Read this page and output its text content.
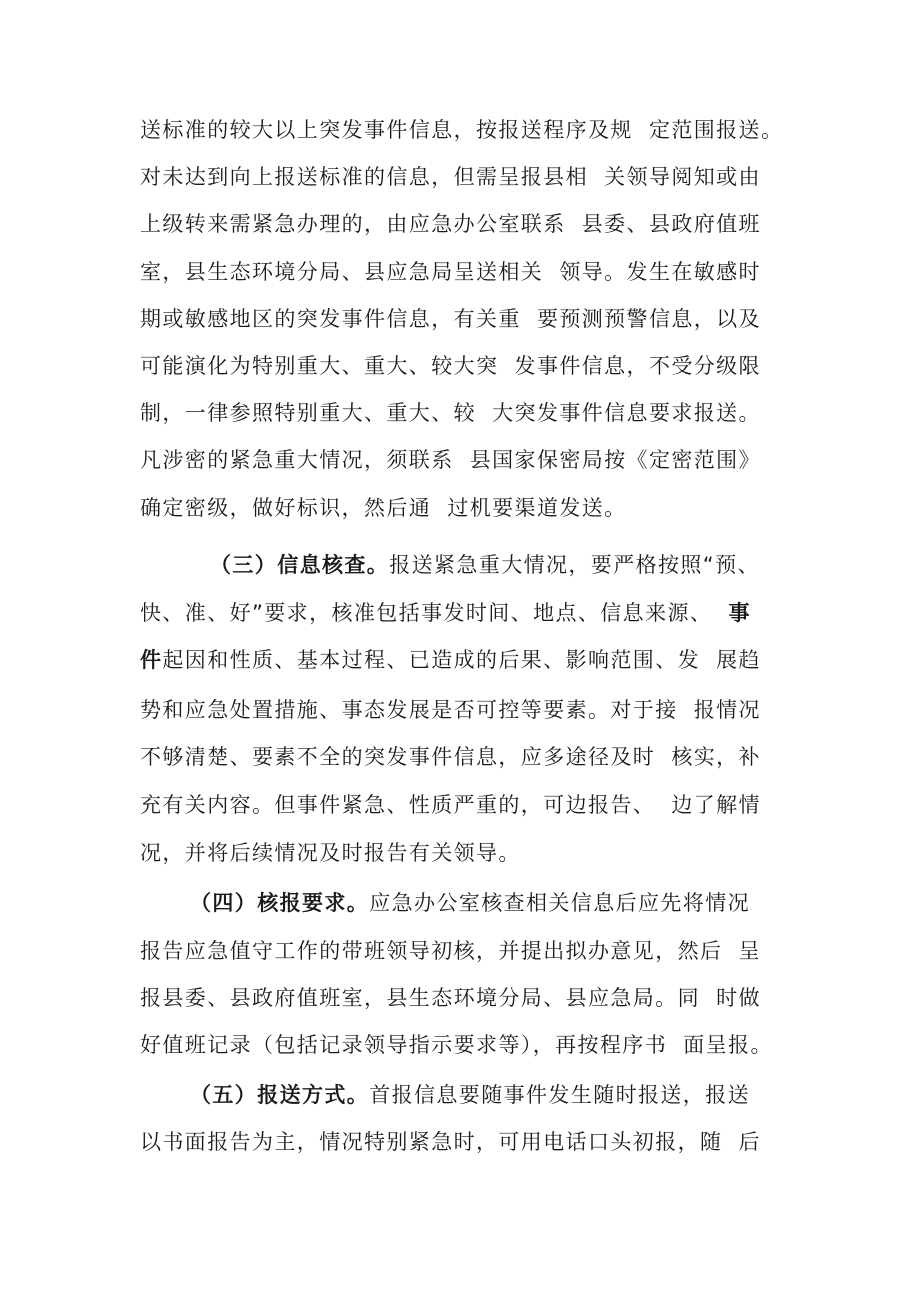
送标准的较大以上突发事件信息，按报送程序及规  定范围报送。
对未达到向上报送标准的信息，但需呈报县相  关领导阅知或由
上级转来需紧急办理的，由应急办公室联系  县委、县政府值班
室，县生态环境分局、县应急局呈送相关  领导。发生在敏感时
期或敏感地区的突发事件信息，有关重  要预测预警信息，以及
可能演化为特别重大、重大、较大突  发事件信息，不受分级限
制，一律参照特别重大、重大、较  大突发事件信息要求报送。
凡涉密的紧急重大情况，须联系  县国家保密局按《定密范围》
确定密级，做好标识，然后通  过机要渠道发送。
（三）信息核查。报送紧急重大情况，要严格按照“预、
快、准、好”要求，核准包括事发时间、地点、信息来源、  事
件起因和性质、基本过程、已造成的后果、影响范围、发  展趋
势和应急处置措施、事态发展是否可控等要素。对于接  报情况
不够清楚、要素不全的突发事件信息，应多途径及时  核实，补
充有关内容。但事件紧急、性质严重的，可边报告、  边了解情
况，并将后续情况及时报告有关领导。
（四）核报要求。应急办公室核查相关信息后应先将情况
报告应急值守工作的带班领导初核，并提出拟办意见，然后  呈
报县委、县政府值班室，县生态环境分局、县应急局。同  时做
好值班记录（包括记录领导指示要求等），再按程序书  面呈报。
（五）报送方式。首报信息要随事件发生随时报送，报送
以书面报告为主，情况特别紧急时，可用电话口头初报，随  后
